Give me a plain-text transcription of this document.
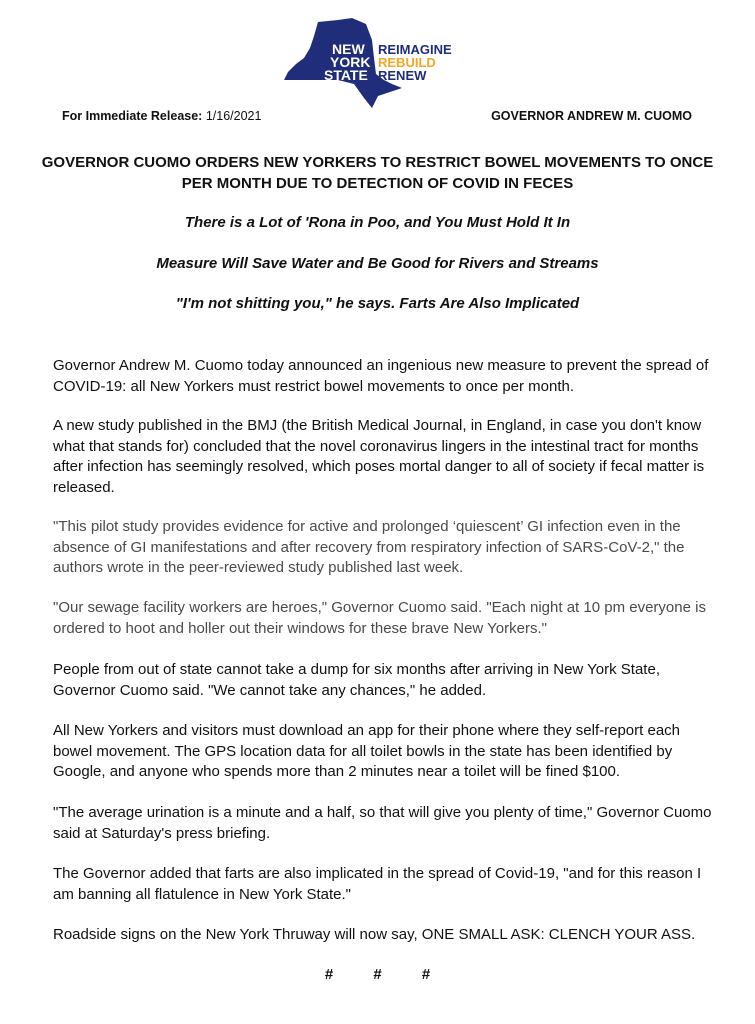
NEW
YORK
STATE
REIMAGINE
REBUILD
RENEW
For Immediate Release: 1/16/2021	GOVERNOR ANDREW M. CUOMO
GOVERNOR CUOMO ORDERS NEW YORKERS TO RESTRICT BOWEL MOVEMENTS TO ONCE PER MONTH DUE TO DETECTION OF COVID IN FECES
There is a Lot of 'Rona in Poo, and You Must Hold It In
Measure Will Save Water and Be Good for Rivers and Streams
"I'm not shitting you," he says. Farts Are Also Implicated

Governor Andrew M. Cuomo today announced an ingenious new measure to prevent the spread of COVID-19: all New Yorkers must restrict bowel movements to once per month.

A new study published in the BMJ (the British Medical Journal, in England, in case you don't know what that stands for) concluded that the novel coronavirus lingers in the intestinal tract for months after infection has seemingly resolved, which poses mortal danger to all of society if fecal matter is released.

"This pilot study provides evidence for active and prolonged ‘quiescent’ GI infection even in the absence of GI manifestations and after recovery from respiratory infection of SARS-CoV-2," the authors wrote in the peer-reviewed study published last week.

"Our sewage facility workers are heroes," Governor Cuomo said. "Each night at 10 pm everyone is ordered to hoot and holler out their windows for these brave New Yorkers."

People from out of state cannot take a dump for six months after arriving in New York State, Governor Cuomo said. "We cannot take any chances," he added.

All New Yorkers and visitors must download an app for their phone where they self-report each bowel movement. The GPS location data for all toilet bowls in the state has been identified by Google, and anyone who spends more than 2 minutes near a toilet will be fined $100.

"The average urination is a minute and a half, so that will give you plenty of time," Governor Cuomo said at Saturday's press briefing.

The Governor added that farts are also implicated in the spread of Covid-19, "and for this reason I am banning all flatulence in New York State."

Roadside signs on the New York Thruway will now say, ONE SMALL ASK: CLENCH YOUR ASS.

# # #
